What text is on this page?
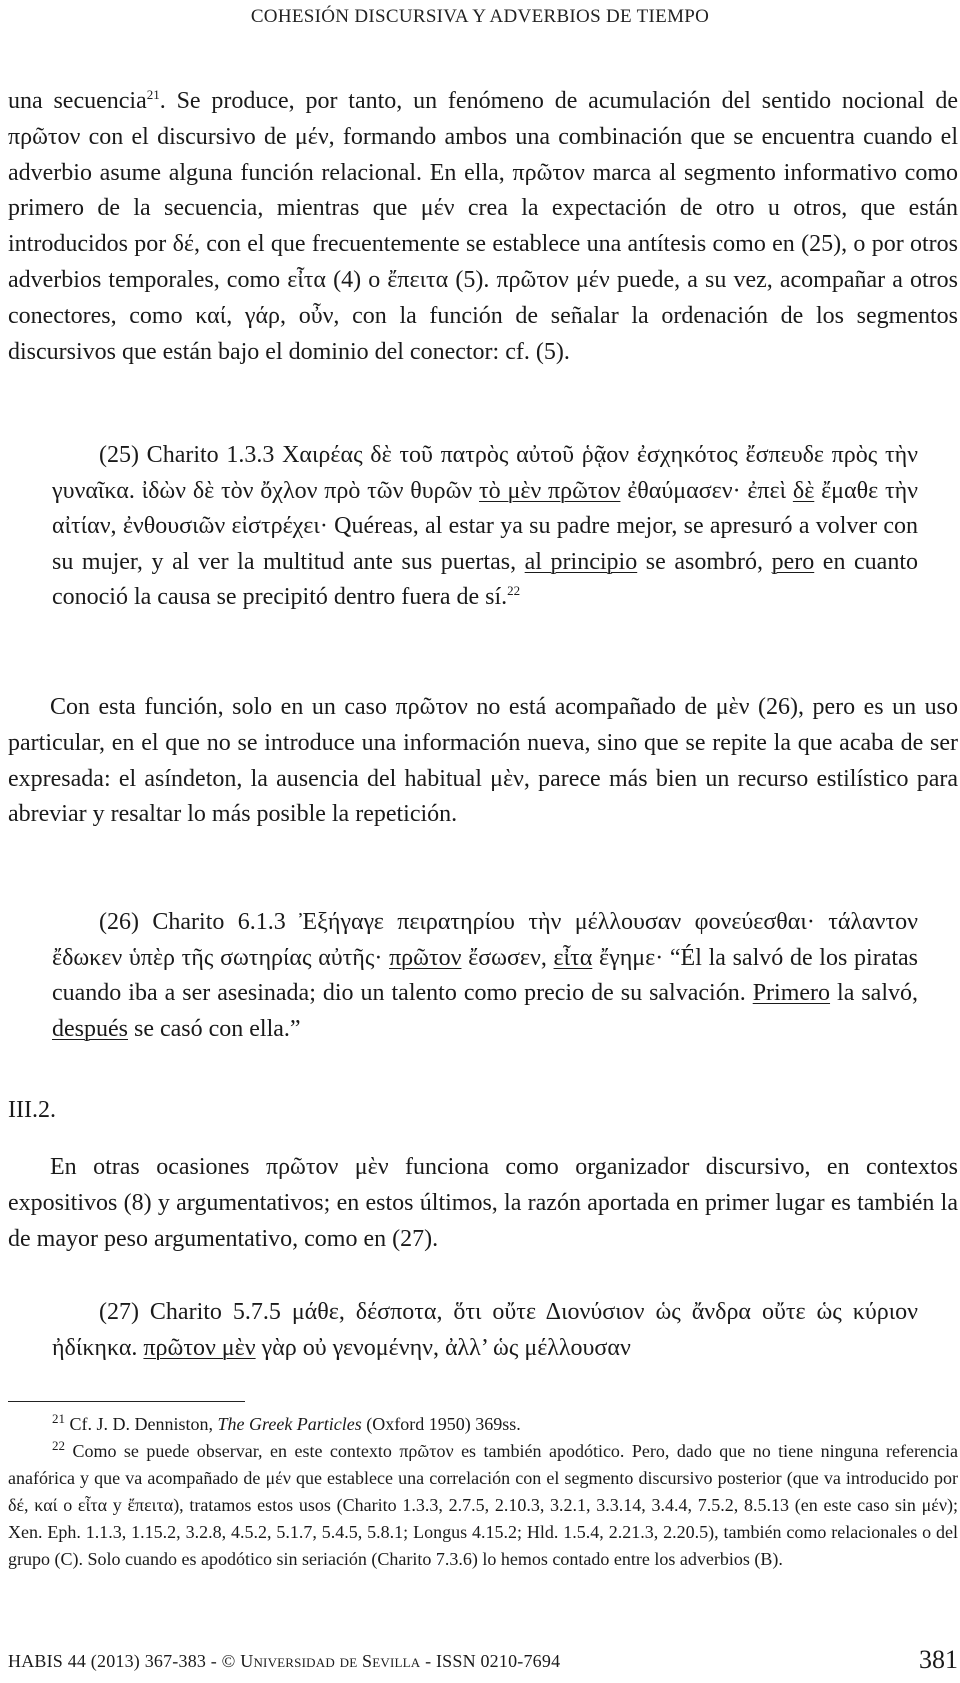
COHESIÓN DISCURSIVA Y ADVERBIOS DE TIEMPO

una secuencia$^{21}$. Se produce, por tanto, un fenómeno de acumulación del sentido nocional de πρῶτον con el discursivo de μέν, formando ambos una combinación que se encuentra cuando el adverbio asume alguna función relacional. En ella, πρῶτον marca al segmento informativo como primero de la secuencia, mientras que μέν crea la expectación de otro u otros, que están introducidos por δέ, con el que frecuentemente se establece una antítesis como en (25), o por otros adverbios temporales, como εἶτα (4) o ἔπειτα (5). πρῶτον μέν puede, a su vez, acompañar a otros conectores, como καί, γάρ, οὖν, con la función de señalar la ordenación de los segmentos discursivos que están bajo el dominio del conector: cf. (5).

(25) Charito 1.3.3 Χαιρέας δὲ τοῦ πατρὸς αὐτοῦ ῥᾷον ἐσχηκότος ἔσπευδε πρὸς τὴν γυναῖκα. ἰδὼν δὲ τὸν ὄχλον πρὸ τῶν θυρῶν τὸ μὲν πρῶτον ἐθαύμασεν· ἐπεὶ δὲ ἔμαθε τὴν αἰτίαν, ἐνθουσιῶν εἰστρέχει· Quéreas, al estar ya su padre mejor, se apresuró a volver con su mujer, y al ver la multitud ante sus puertas, al principio se asombró, pero en cuanto conoció la causa se precipitó dentro fuera de sí.$^{22}$

Con esta función, solo en un caso πρῶτον no está acompañado de μὲν (26), pero es un uso particular, en el que no se introduce una información nueva, sino que se repite la que acaba de ser expresada: el asíndeton, la ausencia del habitual μὲν, parece más bien un recurso estilístico para abreviar y resaltar lo más posible la repetición.

(26) Charito 6.1.3 Ἐξήγαγε πειρατηρίου τὴν μέλλουσαν φονεύεσθαι· τάλαντον ἔδωκεν ὑπὲρ τῆς σωτηρίας αὐτῆς· πρῶτον ἔσωσεν, εἶτα ἔγημε· “Él la salvó de los piratas cuando iba a ser asesinada; dio un talento como precio de su salvación. Primero la salvó, después se casó con ella.”

III.2.

En otras ocasiones πρῶτον μὲν funciona como organizador discursivo, en contextos expositivos (8) y argumentativos; en estos últimos, la razón aportada en primer lugar es también la de mayor peso argumentativo, como en (27).

(27) Charito 5.7.5 μάθε, δέσποτα, ὅτι οὔτε Διονύσιον ὡς ἄνδρα οὔτε ὡς κύριον ἠδίκηκα. πρῶτον μὲν γὰρ οὐ γενομένην, ἀλλ’ ὡς μέλλουσαν

$^{21}$ Cf. J. D. Denniston, The Greek Particles (Oxford 1950) 369ss.

$^{22}$ Como se puede observar, en este contexto πρῶτον es también apodótico. Pero, dado que no tiene ninguna referencia anafórica y que va acompañado de μέν que establece una correlación con el segmento discursivo posterior (que va introducido por δέ, καί o εἶτα y ἔπειτα), tratamos estos usos (Charito 1.3.3, 2.7.5, 2.10.3, 3.2.1, 3.3.14, 3.4.4, 7.5.2, 8.5.13 (en este caso sin μέν); Xen. Eph. 1.1.3, 1.15.2, 3.2.8, 4.5.2, 5.1.7, 5.4.5, 5.8.1; Longus 4.15.2; Hld. 1.5.4, 2.21.3, 2.20.5), también como relacionales o del grupo (C). Solo cuando es apodótico sin seriación (Charito 7.3.6) lo hemos contado entre los adverbios (B).

HABIS 44 (2013) 367-383 - © Universidad de Sevilla - ISSN 0210-7694	381
